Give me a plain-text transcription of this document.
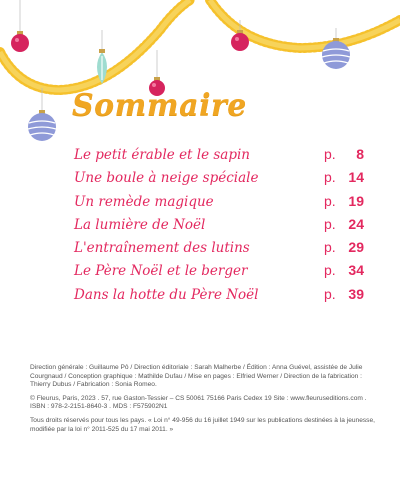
Sommaire
Le petit érable et le sapin	p. 8
Une boule à neige spéciale	p. 14
Un remède magique	p. 19
La lumière de Noël	p. 24
L'entraînement des lutins	p. 29
Le Père Noël et le berger	p. 34
Dans la hotte du Père Noël	p. 39

Direction générale : Guillaume Pô / Direction éditoriale : Sarah Malherbe / Édition : Anna Guével, assistée de Julie Courgnaud / Conception graphique : Mathilde Dufau / Mise en pages : Elfried Werner / Direction de la fabrication : Thierry Dubus / Fabrication : Sonia Romeo.

© Fleurus, Paris, 2023 . 57, rue Gaston-Tessier – CS 50061 75166 Paris Cedex 19 Site : www.fleuruseditions.com . ISBN : 978-2-2151-8640-3 . MDS : F575902N1

Tous droits réservés pour tous les pays. « Loi n° 49-956 du 16 juillet 1949 sur les publications destinées à la jeunesse, modifiée par la loi n° 2011-525 du 17 mai 2011. »
